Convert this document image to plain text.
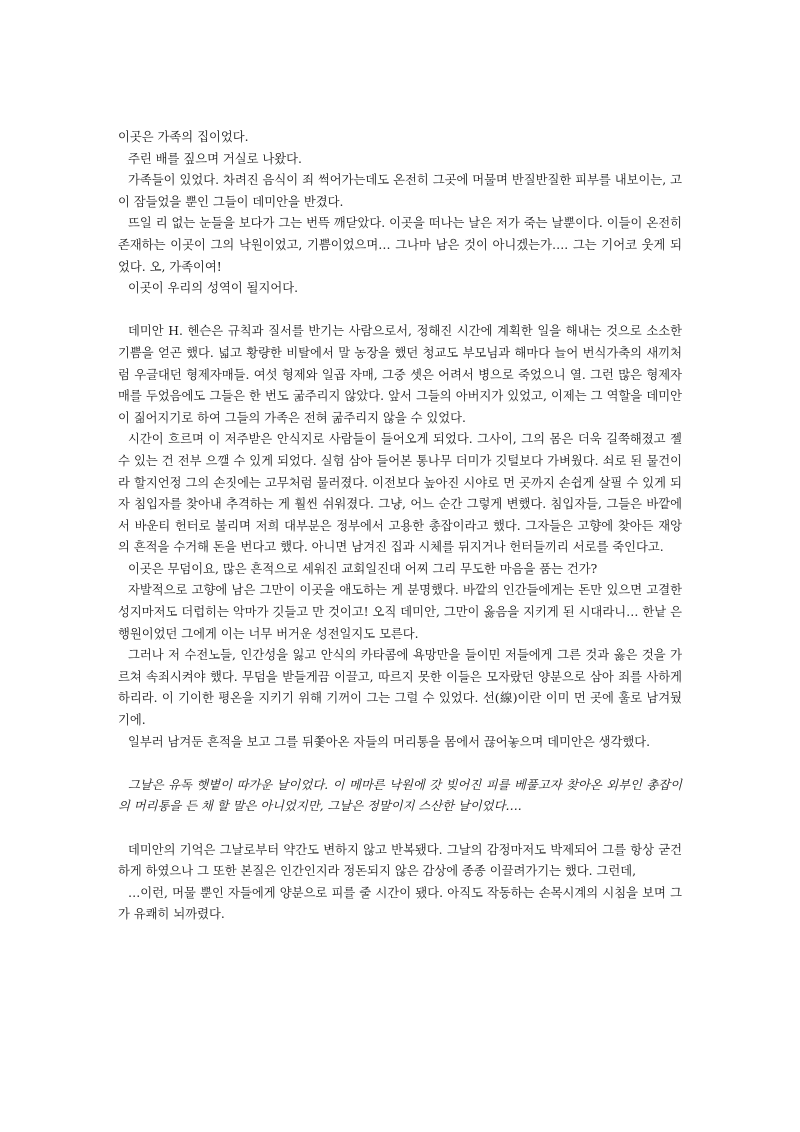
이곳은 가족의 집이었다.

주린 배를 짚으며 거실로 나왔다.

가족들이 있었다. 차려진 음식이 죄 썩어가는데도 온전히 그곳에 머물며 반질반질한 피부를 내보이는, 고이 잠들었을 뿐인 그들이 데미안을 반겼다.

뜨일 리 없는 눈들을 보다가 그는 번뜩 깨닫았다. 이곳을 떠나는 날은 저가 죽는 날뿐이다. 이들이 온전히 존재하는 이곳이 그의 낙원이었고, 기쁨이었으며… 그나마 남은 것이 아니겠는가…. 그는 기어코 웃게 되었다. 오, 가족이여!

이곳이 우리의 성역이 될지어다.

데미안 H. 헨슨은 규칙과 질서를 반기는 사람으로서, 정해진 시간에 계획한 일을 해내는 것으로 소소한 기쁨을 얻곤 했다. 넓고 황량한 비탈에서 말 농장을 했던 청교도 부모님과 해마다 늘어 번식가축의 새끼처럼 우글대던 형제자매들. 여섯 형제와 일곱 자매, 그중 셋은 어려서 병으로 죽었으니 열. 그런 많은 형제자매를 두었음에도 그들은 한 번도 굶주리지 않았다. 앞서 그들의 아버지가 있었고, 이제는 그 역할을 데미안이 짊어지기로 하여 그들의 가족은 전혀 굶주리지 않을 수 있었다.

시간이 흐르며 이 저주받은 안식지로 사람들이 들어오게 되었다. 그사이, 그의 몸은 더욱 길쭉해졌고 젤 수 있는 건 전부 으깰 수 있게 되었다. 실험 삼아 들어본 통나무 더미가 깃털보다 가벼웠다. 쇠로 된 물건이라 할지언정 그의 손짓에는 고무처럼 물러졌다. 이전보다 높아진 시야로 먼 곳까지 손쉽게 살필 수 있게 되자 침입자를 찾아내 추격하는 게 훨씬 쉬워졌다. 그냥, 어느 순간 그렇게 변했다. 침입자들, 그들은 바깥에서 바운티 헌터로 불리며 저희 대부분은 정부에서 고용한 총잡이라고 했다. 그자들은 고향에 찾아든 재앙의 흔적을 수거해 돈을 번다고 했다. 아니면 남겨진 집과 시체를 뒤지거나 헌터들끼리 서로를 죽인다고.

이곳은 무덤이요, 많은 흔적으로 세워진 교회일진대 어찌 그리 무도한 마음을 품는 건가?

자발적으로 고향에 남은 그만이 이곳을 애도하는 게 분명했다. 바깥의 인간들에게는 돈만 있으면 고결한 성지마저도 더럽히는 악마가 깃들고 만 것이고! 오직 데미안, 그만이 옳음을 지키게 된 시대라니… 한낱 은행원이었던 그에게 이는 너무 버거운 성전일지도 모른다.

그러나 저 수전노들, 인간성을 잃고 안식의 카타콤에 욕망만을 들이민 저들에게 그른 것과 옳은 것을 가르쳐 속죄시켜야 했다. 무덤을 받들게끔 이끌고, 따르지 못한 이들은 모자랐던 양분으로 삼아 죄를 사하게 하리라. 이 기이한 평온을 지키기 위해 기꺼이 그는 그럴 수 있었다. 선(線)이란 이미 먼 곳에 훌로 남겨뒀기에.

일부러 남겨둔 흔적을 보고 그를 뒤쫓아온 자들의 머리통을 몸에서 끊어놓으며 데미안은 생각했다.

그날은 유독 햇볕이 따가운 날이었다. 이 메마른 낙원에 갓 빚어진 피를 베풀고자 찾아온 외부인 총잡이의 머리통을 든 채 할 말은 아니었지만, 그날은 정말이지 스산한 날이었다….

데미안의 기억은 그날로부터 약간도 변하지 않고 반복됐다. 그날의 감정마저도 박제되어 그를 항상 굳건하게 하였으나 그 또한 본질은 인간인지라 정돈되지 않은 감상에 종종 이끌려가기는 했다. 그런데,

…이런, 머물 뿐인 자들에게 양분으로 피를 줄 시간이 됐다. 아직도 작동하는 손목시계의 시침을 보며 그가 유쾌히 뇌까렸다.
